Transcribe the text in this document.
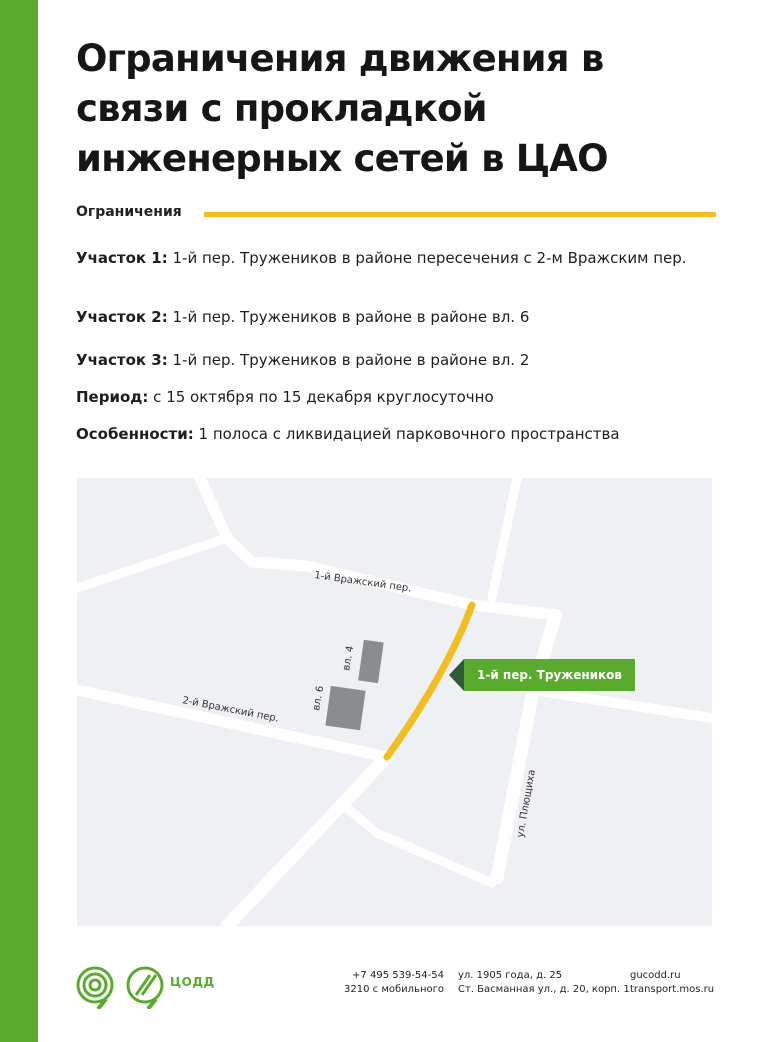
Ограничения движения в связи с прокладкой инженерных сетей в ЦАО
Ограничения
Участок 1: 1-й пер. Тружеников в районе пересечения с 2-м Вражским пер.
Участок 2: 1-й пер. Тружеников в районе в районе вл. 6
Участок 3: 1-й пер. Тружеников в районе в районе вл. 2
Период: с 15 октября по 15 декабря круглосуточно
Особенности: 1 полоса с ликвидацией парковочного пространства
1-й Вражский пер.
2-й Вражский пер.
ул. Плющиха
вл. 4
вл. 6
1-й пер. Тружеников
ЦОДД	+7 495 539-54-54
3210 с мобильного
ул. 1905 года, д. 25
Ст. Басманная ул., д. 20, корп. 1
gucodd.ru
transport.mos.ru
